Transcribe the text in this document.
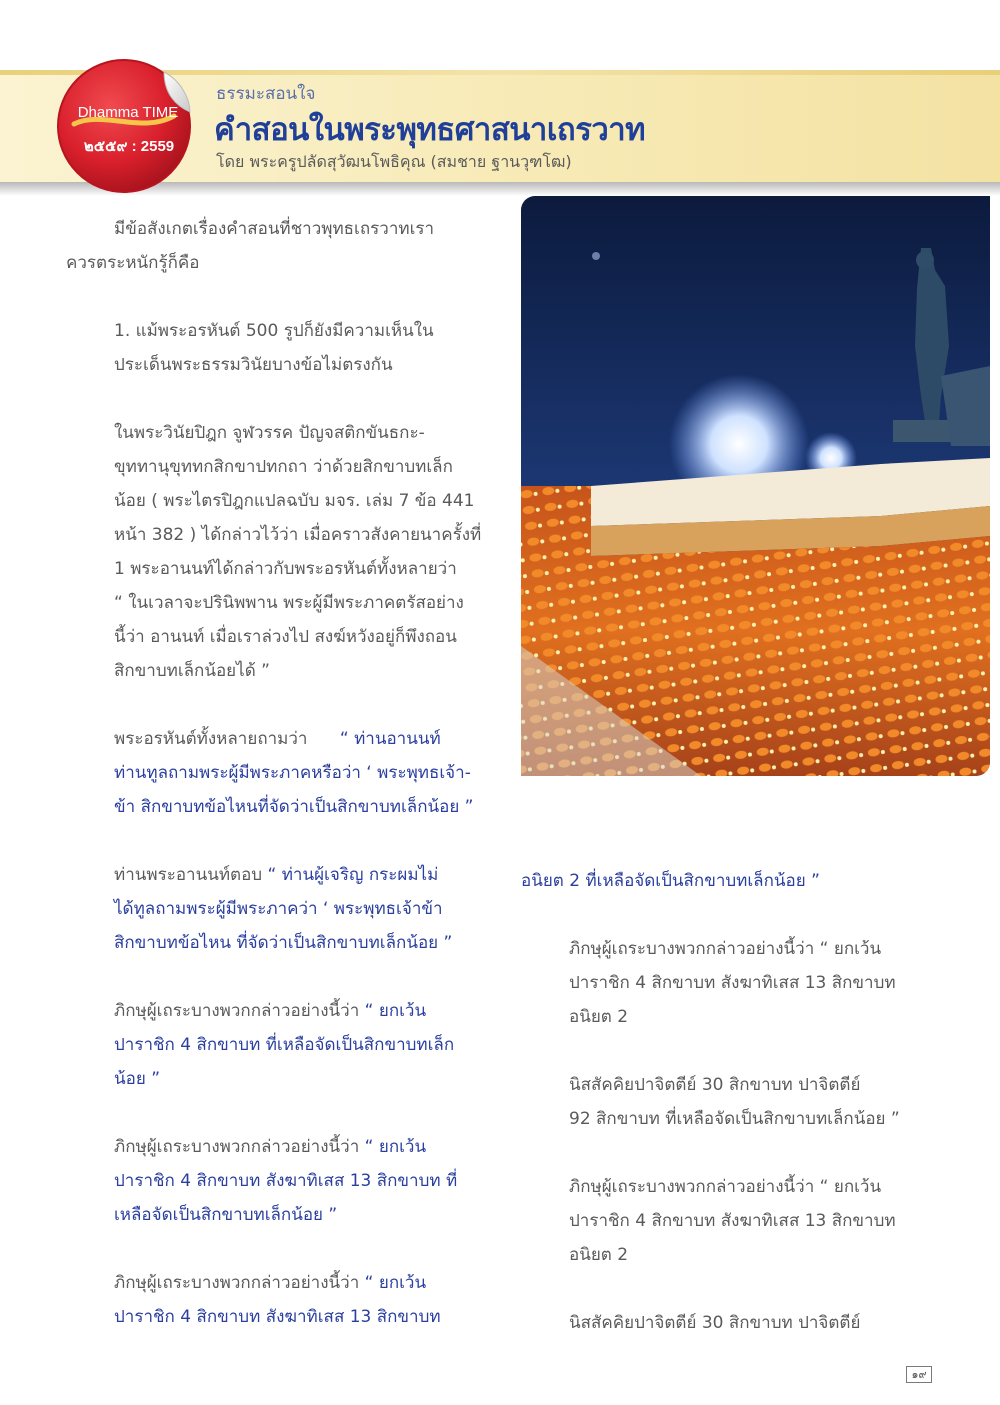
ธรรมะสอนใจ
คำสอนในพระพุทธศาสนาเถรวาท
โดย พระครูปลัดสุวัฒนโพธิคุณ (สมชาย ฐานวุฑโฒ)
Dhamma TIME
๒๕๕๙ : 2559
มีข้อสังเกตเรื่องคำสอนที่ชาวพุทธเถรวาทเรา
ควรตระหนักรู้ก็คือ
1. แม้พระอรหันต์ 500 รูปก็ยังมีความเห็นใน
ประเด็นพระธรรมวินัยบางข้อไม่ตรงกัน
ในพระวินัยปิฎก จูฬวรรค ปัญจสติกขันธกะ-
ขุททานุขุททกสิกขาปทกถา ว่าด้วยสิกขาบทเล็ก
น้อย ( พระไตรปิฎกแปลฉบับ มจร. เล่ม 7 ข้อ 441
หน้า 382 ) ได้กล่าวไว้ว่า เมื่อคราวสังคายนาครั้งที่
1 พระอานนท์ได้กล่าวกับพระอรหันต์ทั้งหลายว่า
“ ในเวลาจะปรินิพพาน พระผู้มีพระภาคตรัสอย่าง
นี้ว่า อานนท์ เมื่อเราล่วงไป สงฆ์หวังอยู่ก็พึงถอน
สิกขาบทเล็กน้อยได้ ”
พระอรหันต์ทั้งหลายถามว่า “ ท่านอานนท์
ท่านทูลถามพระผู้มีพระภาคหรือว่า ‘ พระพุทธเจ้า-
ข้า สิกขาบทข้อไหนที่จัดว่าเป็นสิกขาบทเล็กน้อย ”
ท่านพระอานนท์ตอบ “ ท่านผู้เจริญ กระผมไม่
ได้ทูลถามพระผู้มีพระภาคว่า ‘ พระพุทธเจ้าข้า
สิกขาบทข้อไหน ที่จัดว่าเป็นสิกขาบทเล็กน้อย ”
ภิกษุผู้เถระบางพวกกล่าวอย่างนี้ว่า “ ยกเว้น
ปาราชิก 4 สิกขาบท ที่เหลือจัดเป็นสิกขาบทเล็ก
น้อย ”
ภิกษุผู้เถระบางพวกกล่าวอย่างนี้ว่า “ ยกเว้น
ปาราชิก 4 สิกขาบท สังฆาทิเสส 13 สิกขาบท ที่
เหลือจัดเป็นสิกขาบทเล็กน้อย ”
ภิกษุผู้เถระบางพวกกล่าวอย่างนี้ว่า “ ยกเว้น
ปาราชิก 4 สิกขาบท สังฆาทิเสส 13 สิกขาบท
อนิยต 2 ที่เหลือจัดเป็นสิกขาบทเล็กน้อย ”
ภิกษุผู้เถระบางพวกกล่าวอย่างนี้ว่า “ ยกเว้น
ปาราชิก 4 สิกขาบท สังฆาทิเสส 13 สิกขาบท
อนิยต 2
นิสสัคคิยปาจิตตีย์ 30 สิกขาบท ปาจิตตีย์
92 สิกขาบท ที่เหลือจัดเป็นสิกขาบทเล็กน้อย ”
ภิกษุผู้เถระบางพวกกล่าวอย่างนี้ว่า “ ยกเว้น
ปาราชิก 4 สิกขาบท สังฆาทิเสส 13 สิกขาบท
อนิยต 2
นิสสัคคิยปาจิตตีย์ 30 สิกขาบท ปาจิตตีย์
๑๙
